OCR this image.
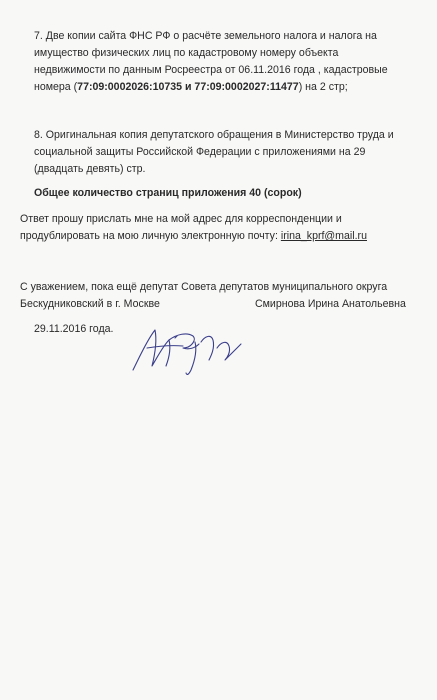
7. Две копии сайта ФНС РФ о расчёте земельного налога и налога на
имущество физических лиц по кадастровому номеру объекта
недвижимости по данным Росреестра от 06.11.2016 года , кадастровые
номера (77:09:0002026:10735 и 77:09:0002027:11477) на 2 стр;
8. Оригинальная копия депутатского обращения в Министерство труда и
социальной защиты Российской Федерации с приложениями на 29
(двадцать девять) стр.
Общее количество страниц приложения 40 (сорок)
Ответ прошу прислать мне на мой адрес для корреспонденции и
продублировать на мою личную электронную почту: irina_kprf@mail.ru
С уважением, пока ещё депутат Совета депутатов муниципального округа
Бескудниковский в г. Москве	Смирнова Ирина Анатольевна
29.11.2016 года.
